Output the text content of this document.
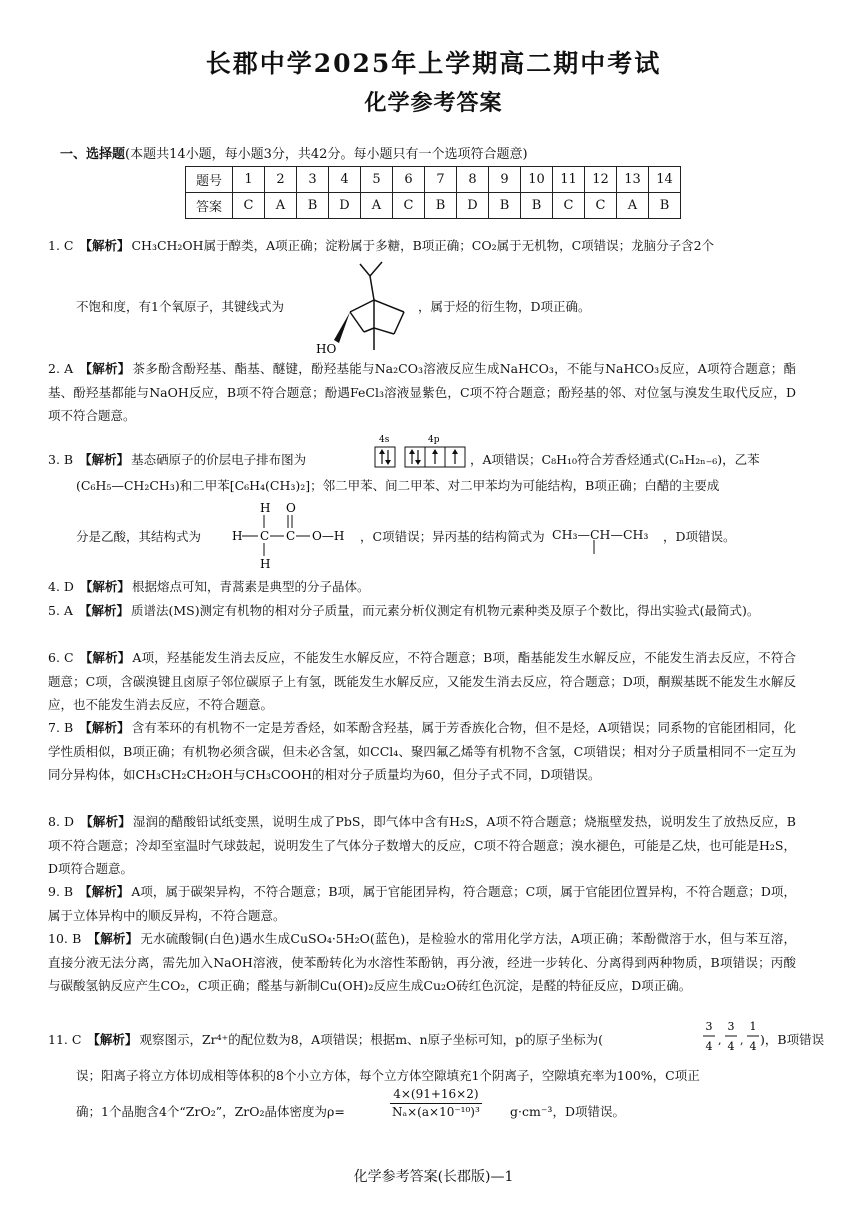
长郡中学2025年上学期高二期中考试
化学参考答案
一、选择题(本题共14小题，每小题3分，共42分。每小题只有一个选项符合题意)
题号	1	2	3	4	5	6	7	8	9	10	11	12	13	14
答案	C	A	B	D	A	C	B	D	B	B	C	C	A	B
1. C 【解析】 CH₃CH₂OH属于醇类，A项正确；淀粉属于多糖，B项正确；CO₂属于无机物，C项错误；龙脑分子含2个
不饱和度，有1个氧原子，其键线式为
HO
，属于烃的衍生物，D项正确。
2. A 【解析】 茶多酚含酚羟基、酯基、醚键，酚羟基能与Na₂CO₃溶液反应生成NaHCO₃，不能与NaHCO₃反应，A项符合题意；酯基、酚羟基都能与NaOH反应，B项不符合题意；酚遇FeCl₃溶液显紫色，C项不符合题意；酚羟基的邻、对位氢与溴发生取代反应，D项不符合题意。
3. B 【解析】 基态硒原子的价层电子排布图为
4s	4p
，A项错误；C₈H₁₀符合芳香烃通式(CₙH₂ₙ₋₆)，乙苯
(C₆H₅—CH₂CH₃)和二甲苯[C₆H₄(CH₃)₂]；邻二甲苯、间二甲苯、对二甲苯均为可能结构，B项正确；白醋的主要成
分是乙酸，其结构式为
H
H
H C C
O
O—H ，C项错误；异丙基的结构简式为 CH₃—CH—CH₃ ，D项错误。
4. D 【解析】 根据熔点可知，青蒿素是典型的分子晶体。
5. A 【解析】 质谱法(MS)测定有机物的相对分子质量，而元素分析仪测定有机物元素种类及原子个数比，得出实验式(最简式)。
6. C 【解析】 A项，羟基能发生消去反应，不能发生水解反应，不符合题意；B项，酯基能发生水解反应，不能发生消去反应，不符合题意；C项，含碳溴键且卤原子邻位碳原子上有氢，既能发生水解反应，又能发生消去反应，符合题意；D项，酮羰基既不能发生水解反应，也不能发生消去反应，不符合题意。
7. B 【解析】 含有苯环的有机物不一定是芳香烃，如苯酚含羟基，属于芳香族化合物，但不是烃，A项错误；同系物的官能团相同，化学性质相似，B项正确；有机物必须含碳，但未必含氢，如CCl₄、聚四氟乙烯等有机物不含氢，C项错误；相对分子质量相同不一定互为同分异构体，如CH₃CH₂CH₂OH与CH₃COOH的相对分子质量均为60，但分子式不同，D项错误。
8. D 【解析】 湿润的醋酸铅试纸变黑，说明生成了PbS，即气体中含有H₂S，A项不符合题意；烧瓶壁发热，说明发生了放热反应，B项不符合题意；冷却至室温时气球鼓起，说明发生了气体分子数增大的反应，C项不符合题意；溴水褪色，可能是乙炔，也可能是H₂S，D项符合题意。
9. B 【解析】 A项，属于碳架异构，不符合题意；B项，属于官能团异构，符合题意；C项，属于官能团位置异构，不符合题意；D项，属于立体异构中的顺反异构，不符合题意。
10. B 【解析】 无水硫酸铜(白色)遇水生成CuSO₄·5H₂O(蓝色)，是检验水的常用化学方法，A项正确；苯酚微溶于水，但与苯互溶，直接分液无法分离，需先加入NaOH溶液，使苯酚转化为水溶性苯酚钠，再分液，经进一步转化、分离得到两种物质，B项错误；丙酸与碳酸氢钠反应产生CO₂，C项正确；醛基与新制Cu(OH)₂反应生成Cu₂O砖红色沉淀，是醛的特征反应，D项正确。
11. C 【解析】 观察图示，Zr⁴⁺的配位数为8，A项错误；根据m、n原子坐标可知，p的原子坐标为(
3
4
3
4
1
4
, , )，B项错误
误；阳离子将立方体切成相等体积的8个小立方体，每个立方体空隙填充1个阴离子，空隙填充率为100%，C项正
确；1个晶胞含4个“ZrO₂”，ZrO₂晶体密度为ρ=	$\frac{4\times(91+16\times 2)}{\text{Nₐ×(a×10⁻¹⁰)³}} g\cdot cm^{-3}$，D项错误。
化学参考答案(长郡版)—1
